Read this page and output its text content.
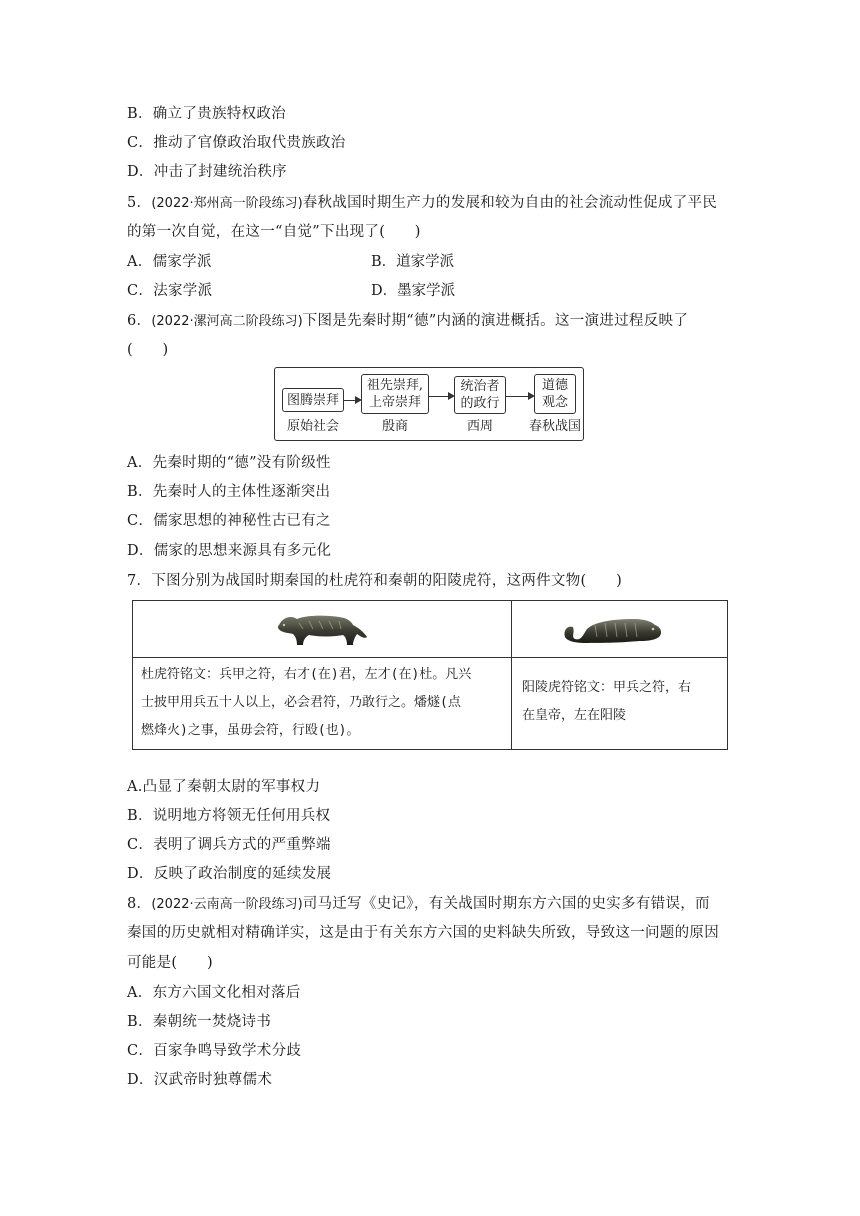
B．确立了贵族特权政治
C．推动了官僚政治取代贵族政治
D．冲击了封建统治秩序
5．(2022·郑州高一阶段练习)春秋战国时期生产力的发展和较为自由的社会流动性促成了平民
的第一次自觉，在这一“自觉”下出现了(　　)
A．儒家学派	B．道家学派
C．法家学派	D．墨家学派
6．(2022·漯河高二阶段练习)下图是先秦时期“德”内涵的演进概括。这一演进过程反映了
(　　)
图腾崇拜
祖先崇拜,
上帝崇拜
统治者
的政行
道德
观念
原始社会	殷商	西周	春秋战国
A．先秦时期的“德”没有阶级性
B．先秦时人的主体性逐渐突出
C．儒家思想的神秘性古已有之
D．儒家的思想来源具有多元化
7．下图分别为战国时期秦国的杜虎符和秦朝的阳陵虎符，这两件文物(　　)
杜虎符铭文：兵甲之符，右才(在)君，左才(在)杜。凡兴
士披甲用兵五十人以上，必会君符，乃敢行之。燔燧(点
燃烽火)之事，虽毋会符，行殴(也)。
阳陵虎符铭文：甲兵之符，右
在皇帝，左在阳陵
A.凸显了秦朝太尉的军事权力
B．说明地方将领无任何用兵权
C．表明了调兵方式的严重弊端
D．反映了政治制度的延续发展
8．(2022·云南高一阶段练习)司马迁写《史记》，有关战国时期东方六国的史实多有错误，而
秦国的历史就相对精确详实，这是由于有关东方六国的史料缺失所致，导致这一问题的原因
可能是(　　)
A．东方六国文化相对落后
B．秦朝统一焚烧诗书
C．百家争鸣导致学术分歧
D．汉武帝时独尊儒术
